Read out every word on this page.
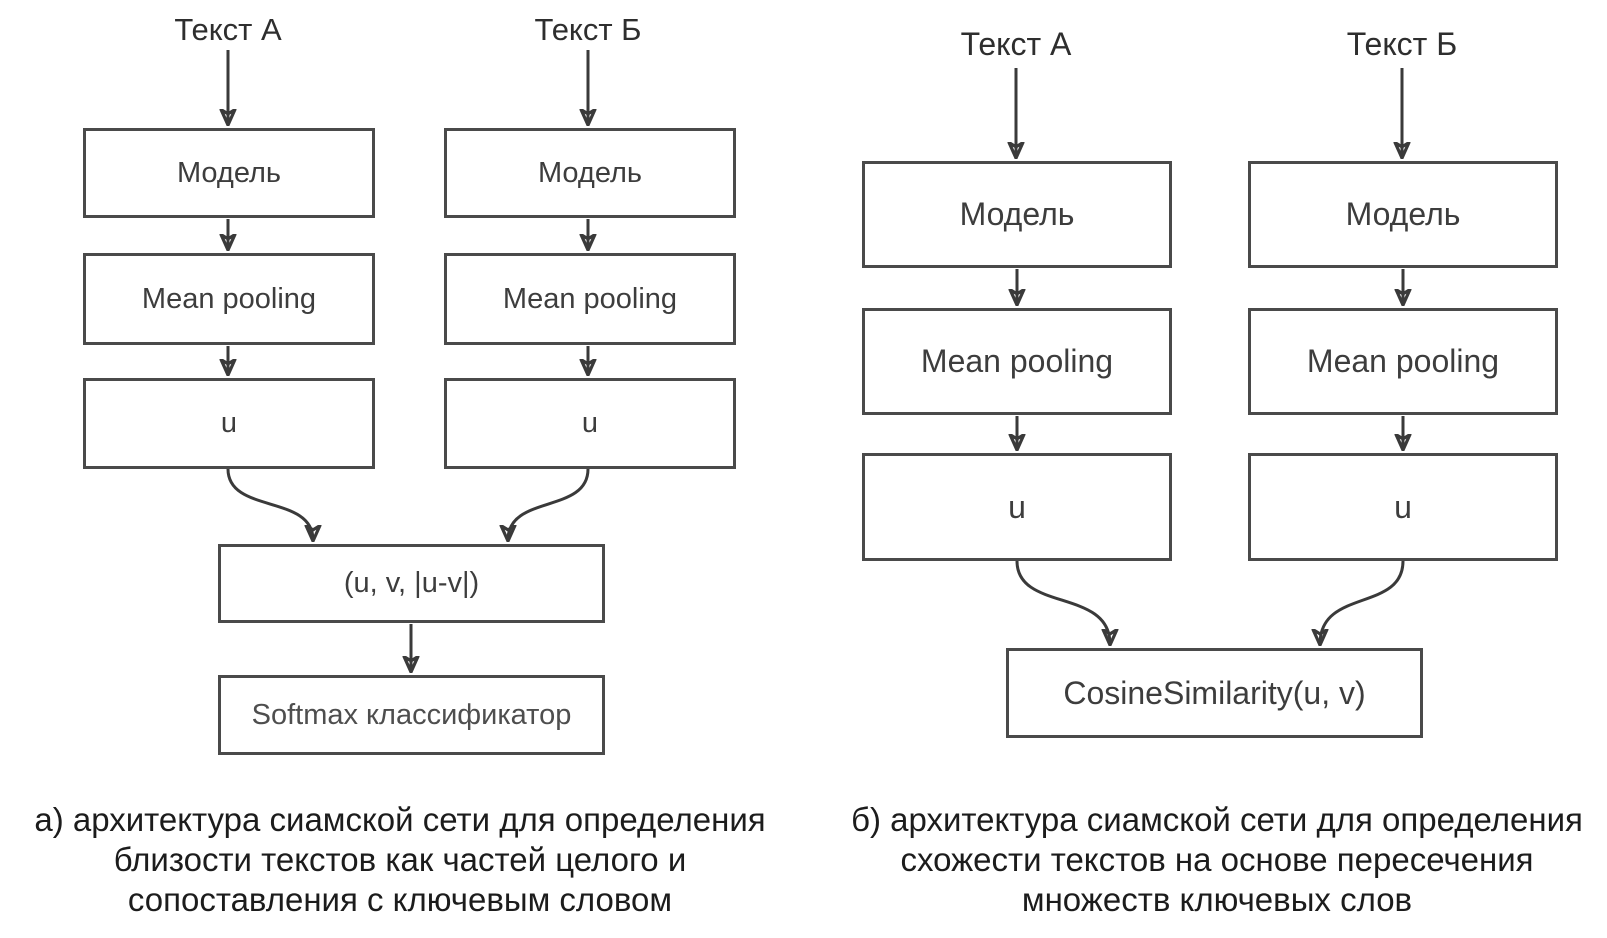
Текст А	Текст Б
Модель	Модель
Mean pooling	Mean pooling
u	u
(u, v, |u-v|)
Softmax классификатор
а) архитектура сиамской сети для определения
близости текстов как частей целого и
сопоставления с ключевым словом
Текст А	Текст Б
Модель	Модель
Mean pooling	Mean pooling
u	u
CosineSimilarity(u, v)
б) архитектура сиамской сети для определения
схожести текстов на основе пересечения
множеств ключевых слов
